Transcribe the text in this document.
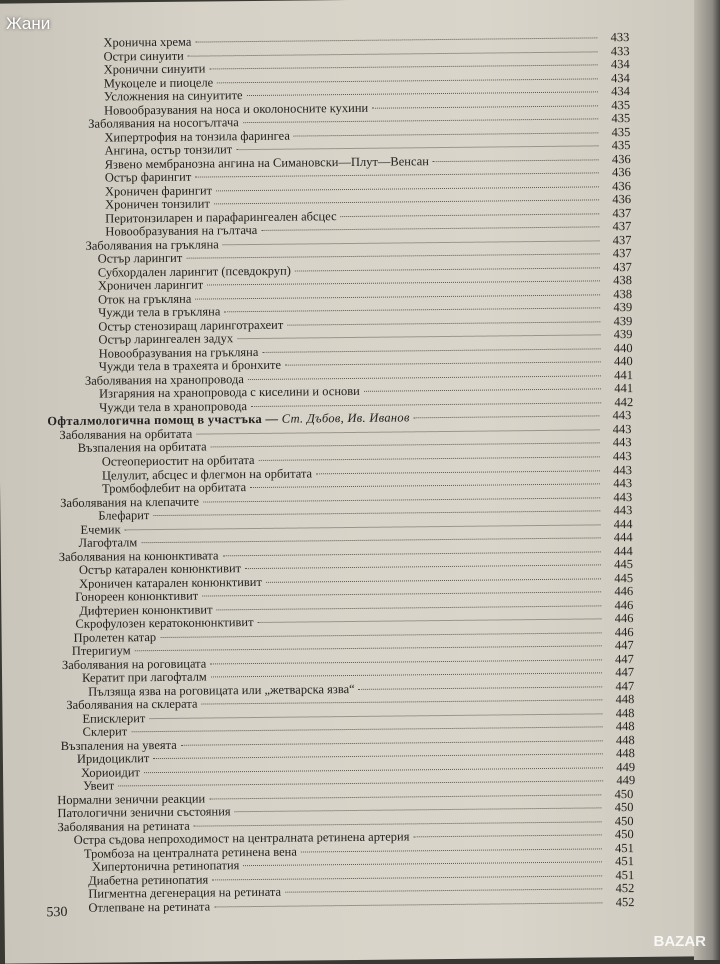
Хронична хрема	433
Остри синуити	433
Хронични синуити	434
Мукоцеле и пиоцеле	434
Усложнения на синуитите	434
Новообразувания на носа и околоносните кухини	435
Заболявания на носогълтача	435
Хипертрофия на тонзила фарингеа	435
Ангина, остър тонзилит	435
Язвено мембранозна ангина на Симановски—Плут—Венсан	436
Остър фарингит	436
Хроничен фарингит	436
Хроничен тонзилит	436
Перитонзиларен и парафарингеален абсцес	437
Новообразувания на гълтача	437
Заболявания на гръкляна	437
Остър ларингит	437
Субхордален ларингит (псевдокруп)	437
Хроничен ларингит	438
Оток на гръкляна	438
Чужди тела в гръкляна	439
Остър стенозиращ ларинготрахеит	439
Остър ларингеален задух	439
Новообразувания на гръкляна	440
Чужди тела в трахеята и бронхите	440
Заболявания на хранопровода	441
Изгаряния на хранопровода с киселини и основи	441
Чужди тела в хранопровода	442
Офталмологична помощ в участъка — Ст. Дъбов, Ив. Иванов	443
Заболявания на орбитата	443
Възпаления на орбитата	443
Остеопериостит на орбитата	443
Целулит, абсцес и флегмон на орбитата	443
Тромбофлебит на орбитата	443
Заболявания на клепачите	443
Блефарит	443
Ечемик	444
Лагофталм	444
Заболявания на конюнктивата	444
Остър катарален конюнктивит	445
Хроничен катарален конюнктивит	445
Гонореен конюнктивит	446
Дифтериен конюнктивит	446
Скрофулозен кератоконюнктивит	446
Пролетен катар	446
Птеригиум	447
Заболявания на роговицата	447
Кератит при лагофталм	447
Пълзяща язва на роговицата или „жетварска язва“	447
Заболявания на склерата	448
Еписклерит	448
Склерит	448
Възпаления на увеята	448
Иридоциклит	448
Хориоидит	449
Увеит	449
Нормални зенични реакции	450
Патологични зенични състояния	450
Заболявания на ретината	450
Остра съдова непроходимост на централната ретинена артерия	450
Тромбоза на централната ретинена вена	451
Хипертонична ретинопатия	451
Диабетна ретинопатия	451
Пигментна дегенерация на ретината	452
Отлепване на ретината	452
530
Жани
BAZAR
